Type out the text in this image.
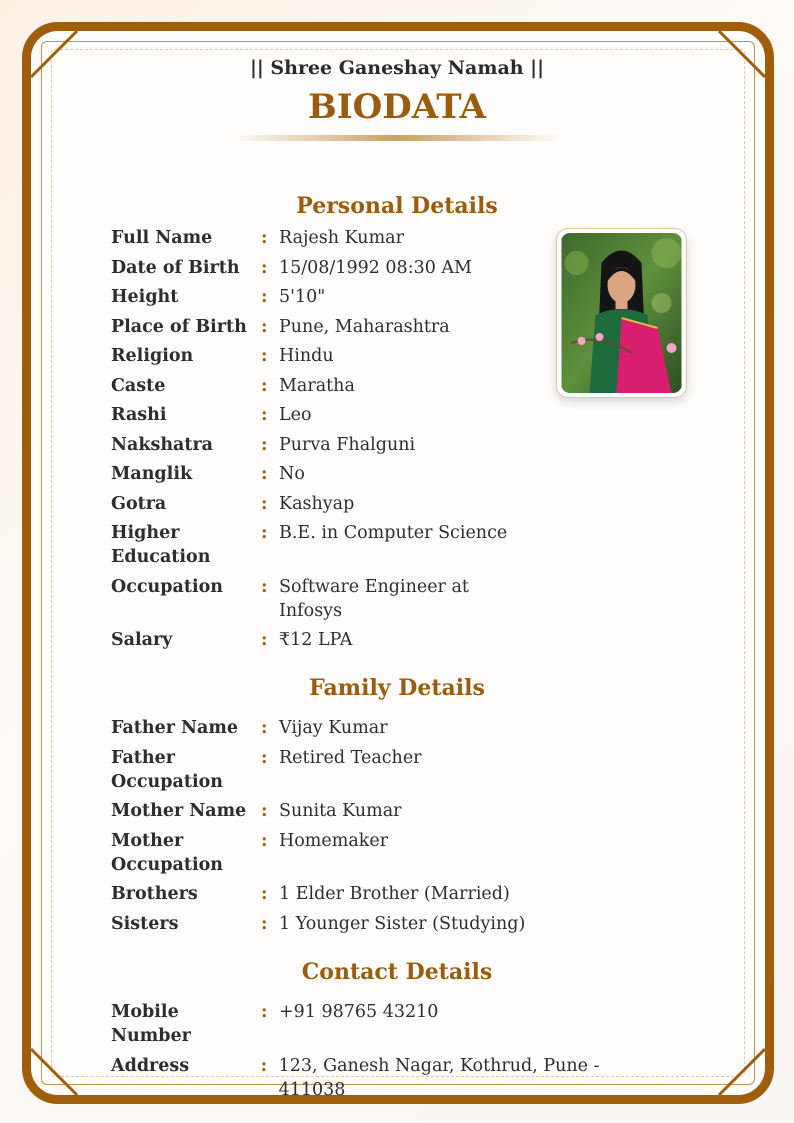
|| Shree Ganeshay Namah ||
BIODATA
Personal Details
Full Name	: Rajesh Kumar
Date of Birth	: 15/08/1992 08:30 AM
Height	: 5'10"
Place of Birth : Pune, Maharashtra
Religion	: Hindu
Caste	: Maratha
Rashi	: Leo
Nakshatra	: Purva Fhalguni
Manglik	: No
Gotra	: Kashyap
Higher Education
: B.E. in Computer Science
Occupation	: Software Engineer at Infosys
Salary	: ₹12 LPA
Family Details
Father Name	: Vijay Kumar
Father Occupation
: Retired Teacher
Mother Name : Sunita Kumar
Mother Occupation
: Homemaker
Brothers	: 1 Elder Brother (Married)
Sisters	: 1 Younger Sister (Studying)
Contact Details
Mobile Number
: +91 98765 43210
Address	: 123, Ganesh Nagar, Kothrud, Pune - 411038
